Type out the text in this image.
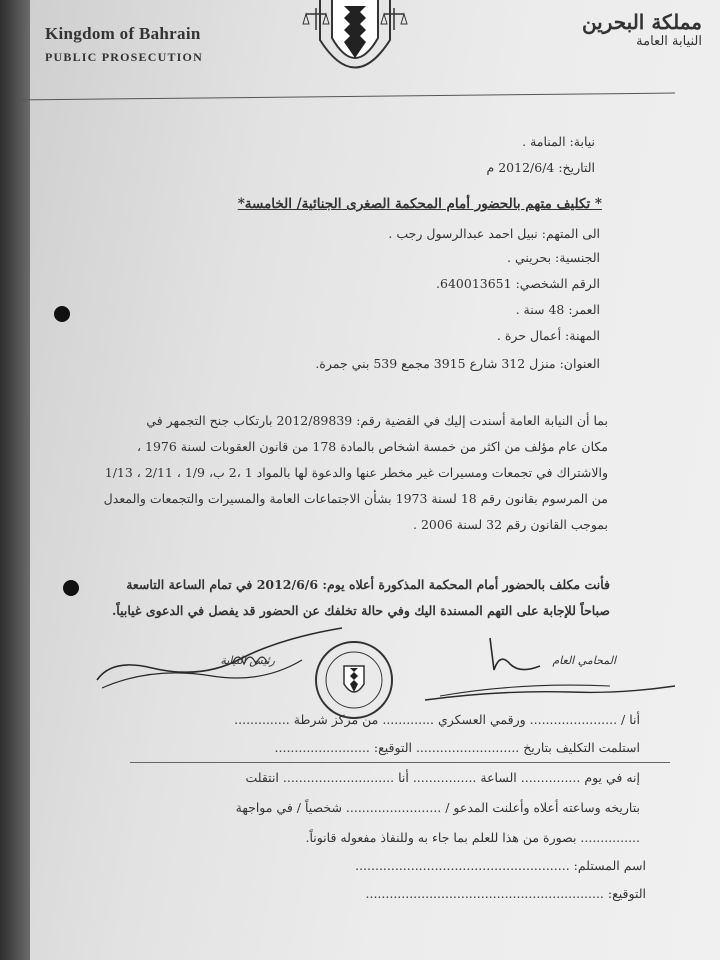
Kingdom of Bahrain
PUBLIC PROSECUTION
مملكة البحرين
النيابة العامة
نيابة: المنامة .
التاريخ: 2012/6/4 م
* تكليف متهم بالحضور أمام المحكمة الصغرى الجنائية/ الخامسة*
الى المتهم: نبيل احمد عبدالرسول رجب .
الجنسية: بحريني .
الرقم الشخصي: 640013651.
العمر: 48 سنة .
المهنة: أعمال حرة .
العنوان: منزل 312 شارع 3915 مجمع 539 بني جمرة.
بما أن النيابة العامة أسندت إليك في القضية رقم: 2012/89839 بارتكاب جنح التجمهر في
مكان عام مؤلف من اكثر من خمسة اشخاص بالمادة 178 من قانون العقوبات لسنة 1976 ،
والاشتراك في تجمعات ومسيرات غير مخطر عنها والدعوة لها بالمواد 1 ،2 ب، 1/9 ، 2/11 ، 1/13
من المرسوم بقانون رقم 18 لسنة 1973 بشأن الاجتماعات العامة والمسيرات والتجمعات والمعدل
بموجب القانون رقم 32 لسنة 2006 .
فأنت مكلف بالحضور أمام المحكمة المذكورة أعلاه يوم: 2012/6/6 في تمام الساعة التاسعة
صباحاً للإجابة على التهم المسندة اليك وفي حالة تخلفك عن الحضور قد يفصل في الدعوى غيابياً.
رئيس النيابة	المحامي العام
أنا / ...................... ورقمي العسكري ............. من مركز شرطة ..............
استلمت التكليف بتاريخ .......................... التوقيع: ........................
إنه في يوم ............... الساعة ................ أنا ............................ انتقلت
بتاريخه وساعته أعلاه وأعلنت المدعو / ........................ شخصياً / في مواجهة
............... بصورة من هذا للعلم بما جاء به وللنفاذ مفعوله قانوناً.
اسم المستلم: ......................................................
التوقيع: ............................................................
